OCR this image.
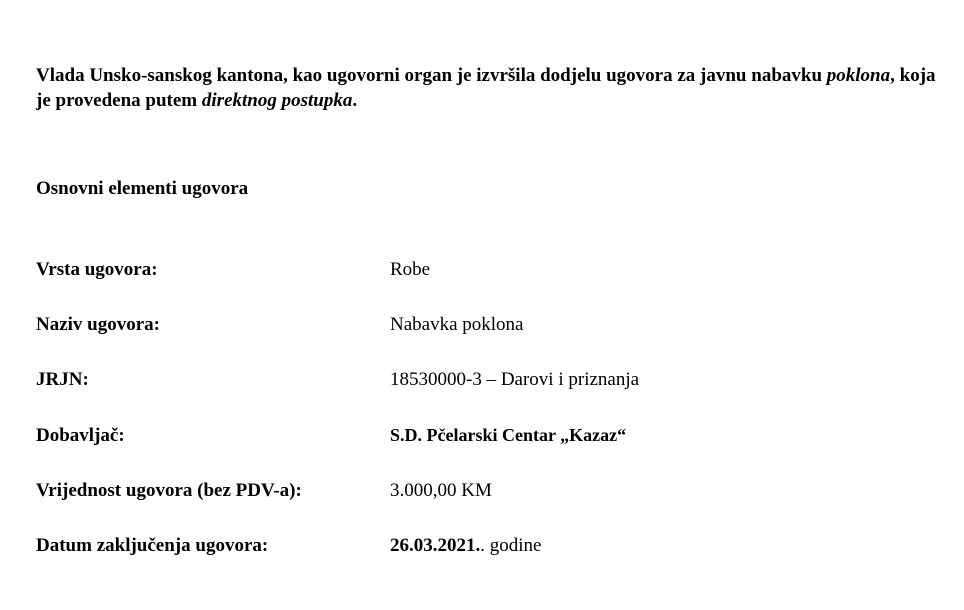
Vlada Unsko-sanskog kantona, kao ugovorni organ je izvršila dodjelu ugovora za javnu nabavku poklona, koja je provedena putem direktnog postupka.

Osnovni elementi ugovora

Vrsta ugovora:	Robe
Naziv ugovora:	Nabavka poklona
JRJN:	18530000-3 – Darovi i priznanja
Dobavljač:	S.D. Pčelarski Centar „Kazaz“
Vrijednost ugovora (bez PDV-a):	3.000,00 KM
Datum zaključenja ugovora:	26.03.2021.. godine
